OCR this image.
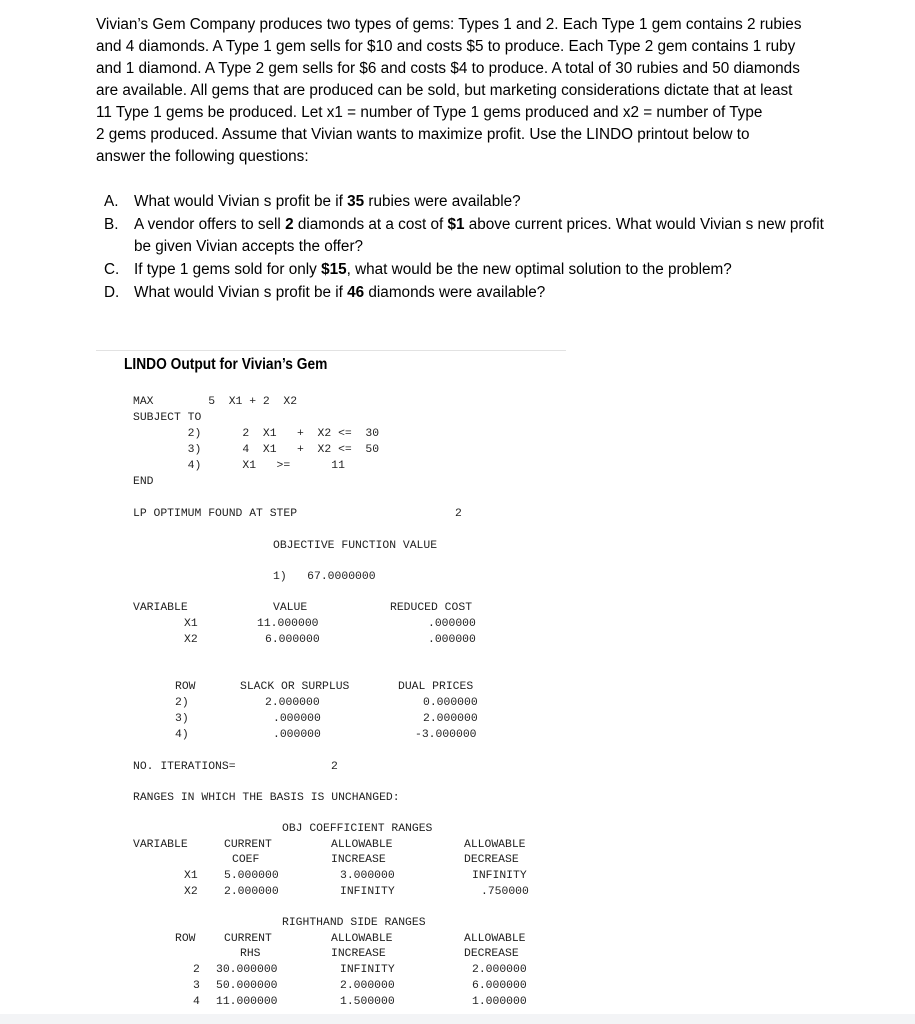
Vivian’s Gem Company produces two types of gems: Types 1 and 2. Each Type 1 gem contains 2 rubies
and 4 diamonds. A Type 1 gem sells for $10 and costs $5 to produce. Each Type 2 gem contains 1 ruby
and 1 diamond. A Type 2 gem sells for $6 and costs $4 to produce. A total of 30 rubies and 50 diamonds
are available. All gems that are produced can be sold, but marketing considerations dictate that at least
11 Type 1 gems be produced. Let x1 = number of Type 1 gems produced and x2 = number of Type
2 gems produced. Assume that Vivian wants to maximize profit. Use the LINDO printout below to
answer the following questions:
A. What would Vivian s profit be if 35 rubies were available?
B. A vendor offers to sell 2 diamonds at a cost of $1 above current prices. What would Vivian s new profit be given Vivian accepts the offer?
C. If type 1 gems sold for only $15, what would be the new optimal solution to the problem?
D. What would Vivian s profit be if 46 diamonds were available?
LINDO Output for Vivian’s Gem
MAX        5  X1 + 2  X2
SUBJECT TO
2)      2  X1   +  X2 <=  30
3)      4  X1   +  X2 <=  50
4)      X1   >=      11
END
LP OPTIMUM FOUND AT STEP	2
OBJECTIVE FUNCTION VALUE
1)   67.0000000
VARIABLE	VALUE	REDUCED COST
X1	11.000000	.000000
X2	6.000000	.000000
ROW	SLACK OR SURPLUS	DUAL PRICES
2)	2.000000	0.000000
3)	.000000	2.000000
4)	.000000	-3.000000
NO. ITERATIONS=	2
RANGES IN WHICH THE BASIS IS UNCHANGED:
OBJ COEFFICIENT RANGES
VARIABLE	CURRENT	ALLOWABLE	ALLOWABLE
COEF	INCREASE	DECREASE
X1 5.000000	3.000000	INFINITY
X2 2.000000	INFINITY	.750000
RIGHTHAND SIDE RANGES
ROW CURRENT	ALLOWABLE	ALLOWABLE
RHS	INCREASE	DECREASE
2 30.000000	INFINITY	2.000000
3 50.000000	2.000000	6.000000
4 11.000000	1.500000	1.000000
